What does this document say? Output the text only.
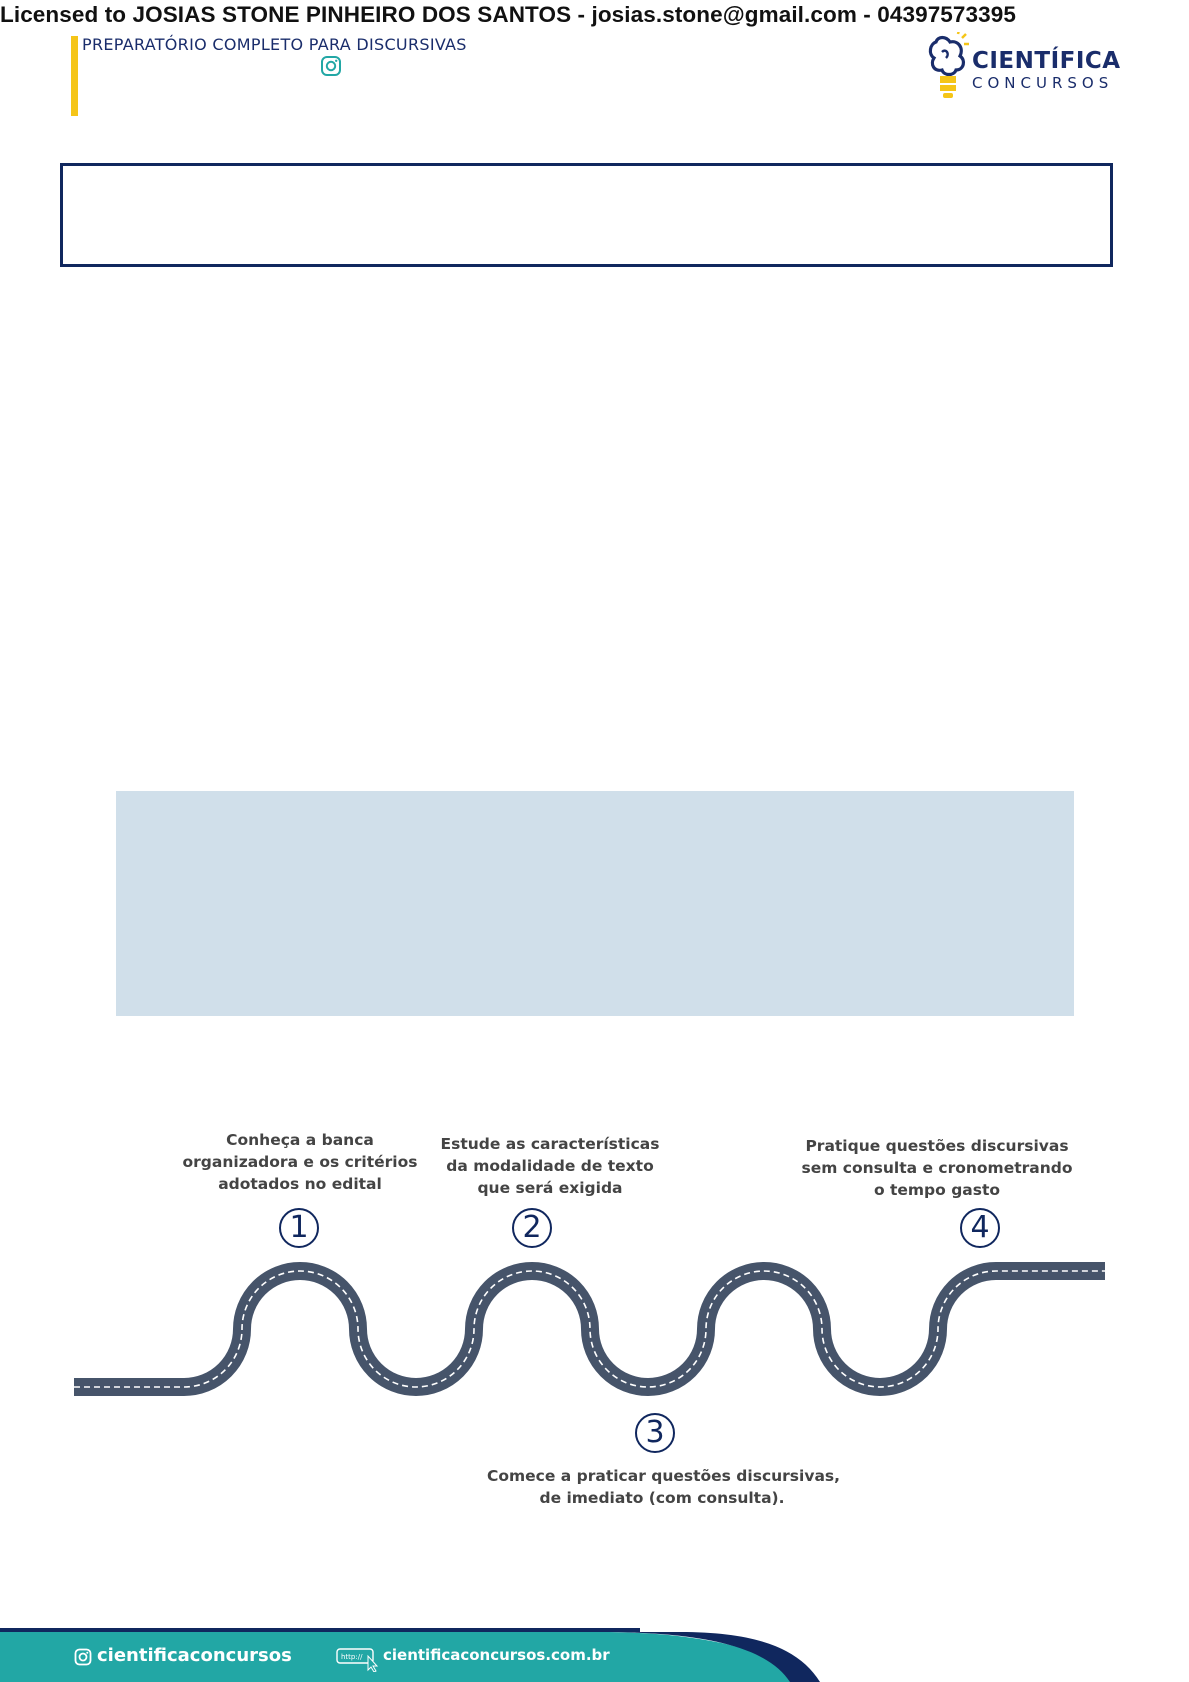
Licensed to JOSIAS STONE PINHEIRO DOS SANTOS - josias.stone@gmail.com - 04397573395
PREPARATÓRIO COMPLETO PARA DISCURSIVAS
CIENTÍFICA
CONCURSOS
Conheça a banca
organizadora e os critérios
adotados no edital
1
Estude as características
da modalidade de texto
que será exigida
2
3
Comece a praticar questões discursivas,
de imediato (com consulta).
Pratique questões discursivas
sem consulta e cronometrando
o tempo gasto
4
cientificaconcursos	http:// cientificaconcursos.com.br
